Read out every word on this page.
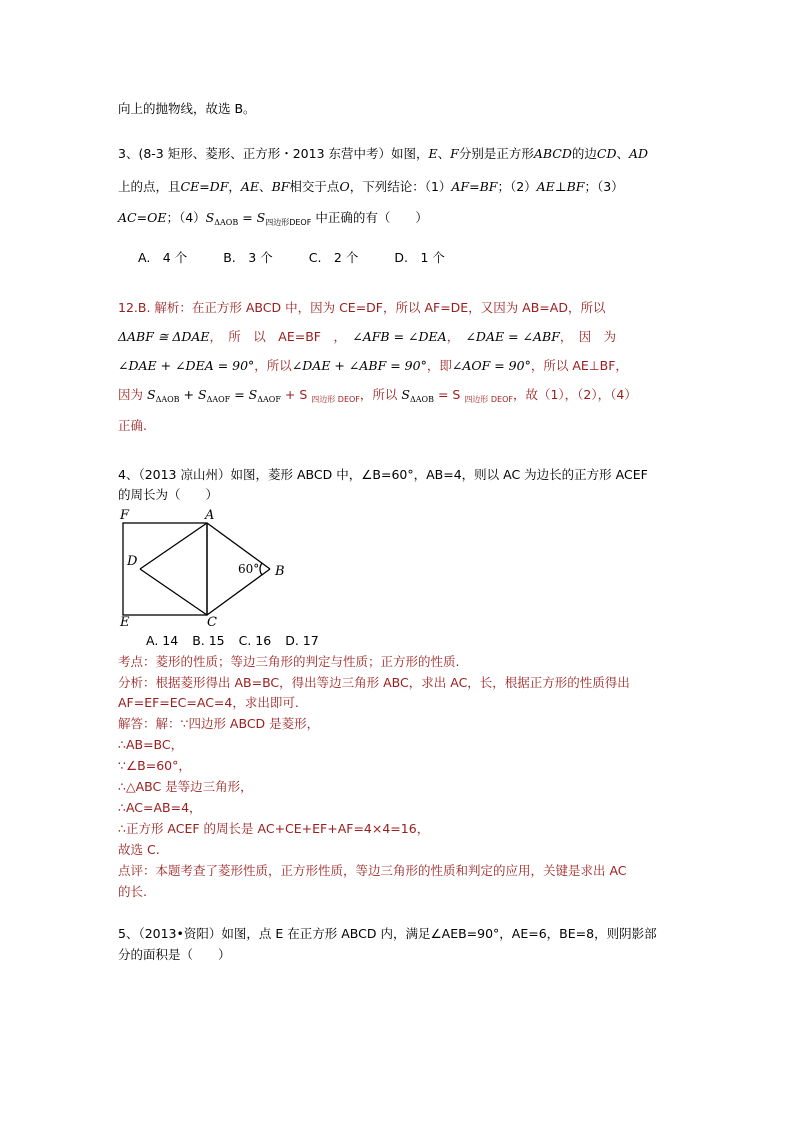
向上的抛物线，故选 B。
3、(8-3 矩形、菱形、正方形・2013 东营中考）如图，E、F分别是正方形ABCD的边CD、AD
上的点，且CE=DF，AE、BF相交于点O，下列结论：（1）AF=BF；（2）AE⊥BF；（3）
AC=OE；$(4)S_{\Delta AOB} = S_{四边形DEOF}$ 中正确的有（　　）
A.　4 个	B.　3 个	C.　2 个	D.　1 个
12.B. 解析：在正方形 ABCD 中，因为 CE=DF，所以 AF=DE，又因为 AB=AD，所以
ΔABF ≅ ΔDAE，　所　以　AE=BF　，　∠AFB = ∠DEA，　∠DAE = ∠ABF，　因　为
∠DAE + ∠DEA = 90°，所以∠DAE + ∠ABF = 90°，即∠AOF = 90°，所以 AE⊥BF，
因为 $S_{\Delta AOB} + S_{\Delta AOF} = S_{\Delta AOF} + S$ $_{四边形 DEOF}$，所以 $S_{\Delta AOB} = S$ $_{四边形 DEOF}$，故（1），（2），（4）
正确.
4、（2013 凉山州）如图，菱形 ABCD 中，∠B=60°，AB=4，则以 AC 为边长的正方形 ACEF
的周长为（　　）
F	A
D
B
E	C
60°
A. 14 B. 15 C. 16 D. 17
考点：菱形的性质；等边三角形的判定与性质；正方形的性质.
分析：根据菱形得出 AB=BC，得出等边三角形 ABC，求出 AC，长，根据正方形的性质得出
AF=EF=EC=AC=4，求出即可.
解答：解：∵四边形 ABCD 是菱形，
∴AB=BC，
∵∠B=60°，
∴△ABC 是等边三角形，
∴AC=AB=4，
∴正方形 ACEF 的周长是 AC+CE+EF+AF=4×4=16，
故选 C.
点评：本题考查了菱形性质，正方形性质，等边三角形的性质和判定的应用，关键是求出 AC
的长.
5、（2013•资阳）如图，点 E 在正方形 ABCD 内，满足∠AEB=90°，AE=6，BE=8，则阴影部
分的面积是（　　）
